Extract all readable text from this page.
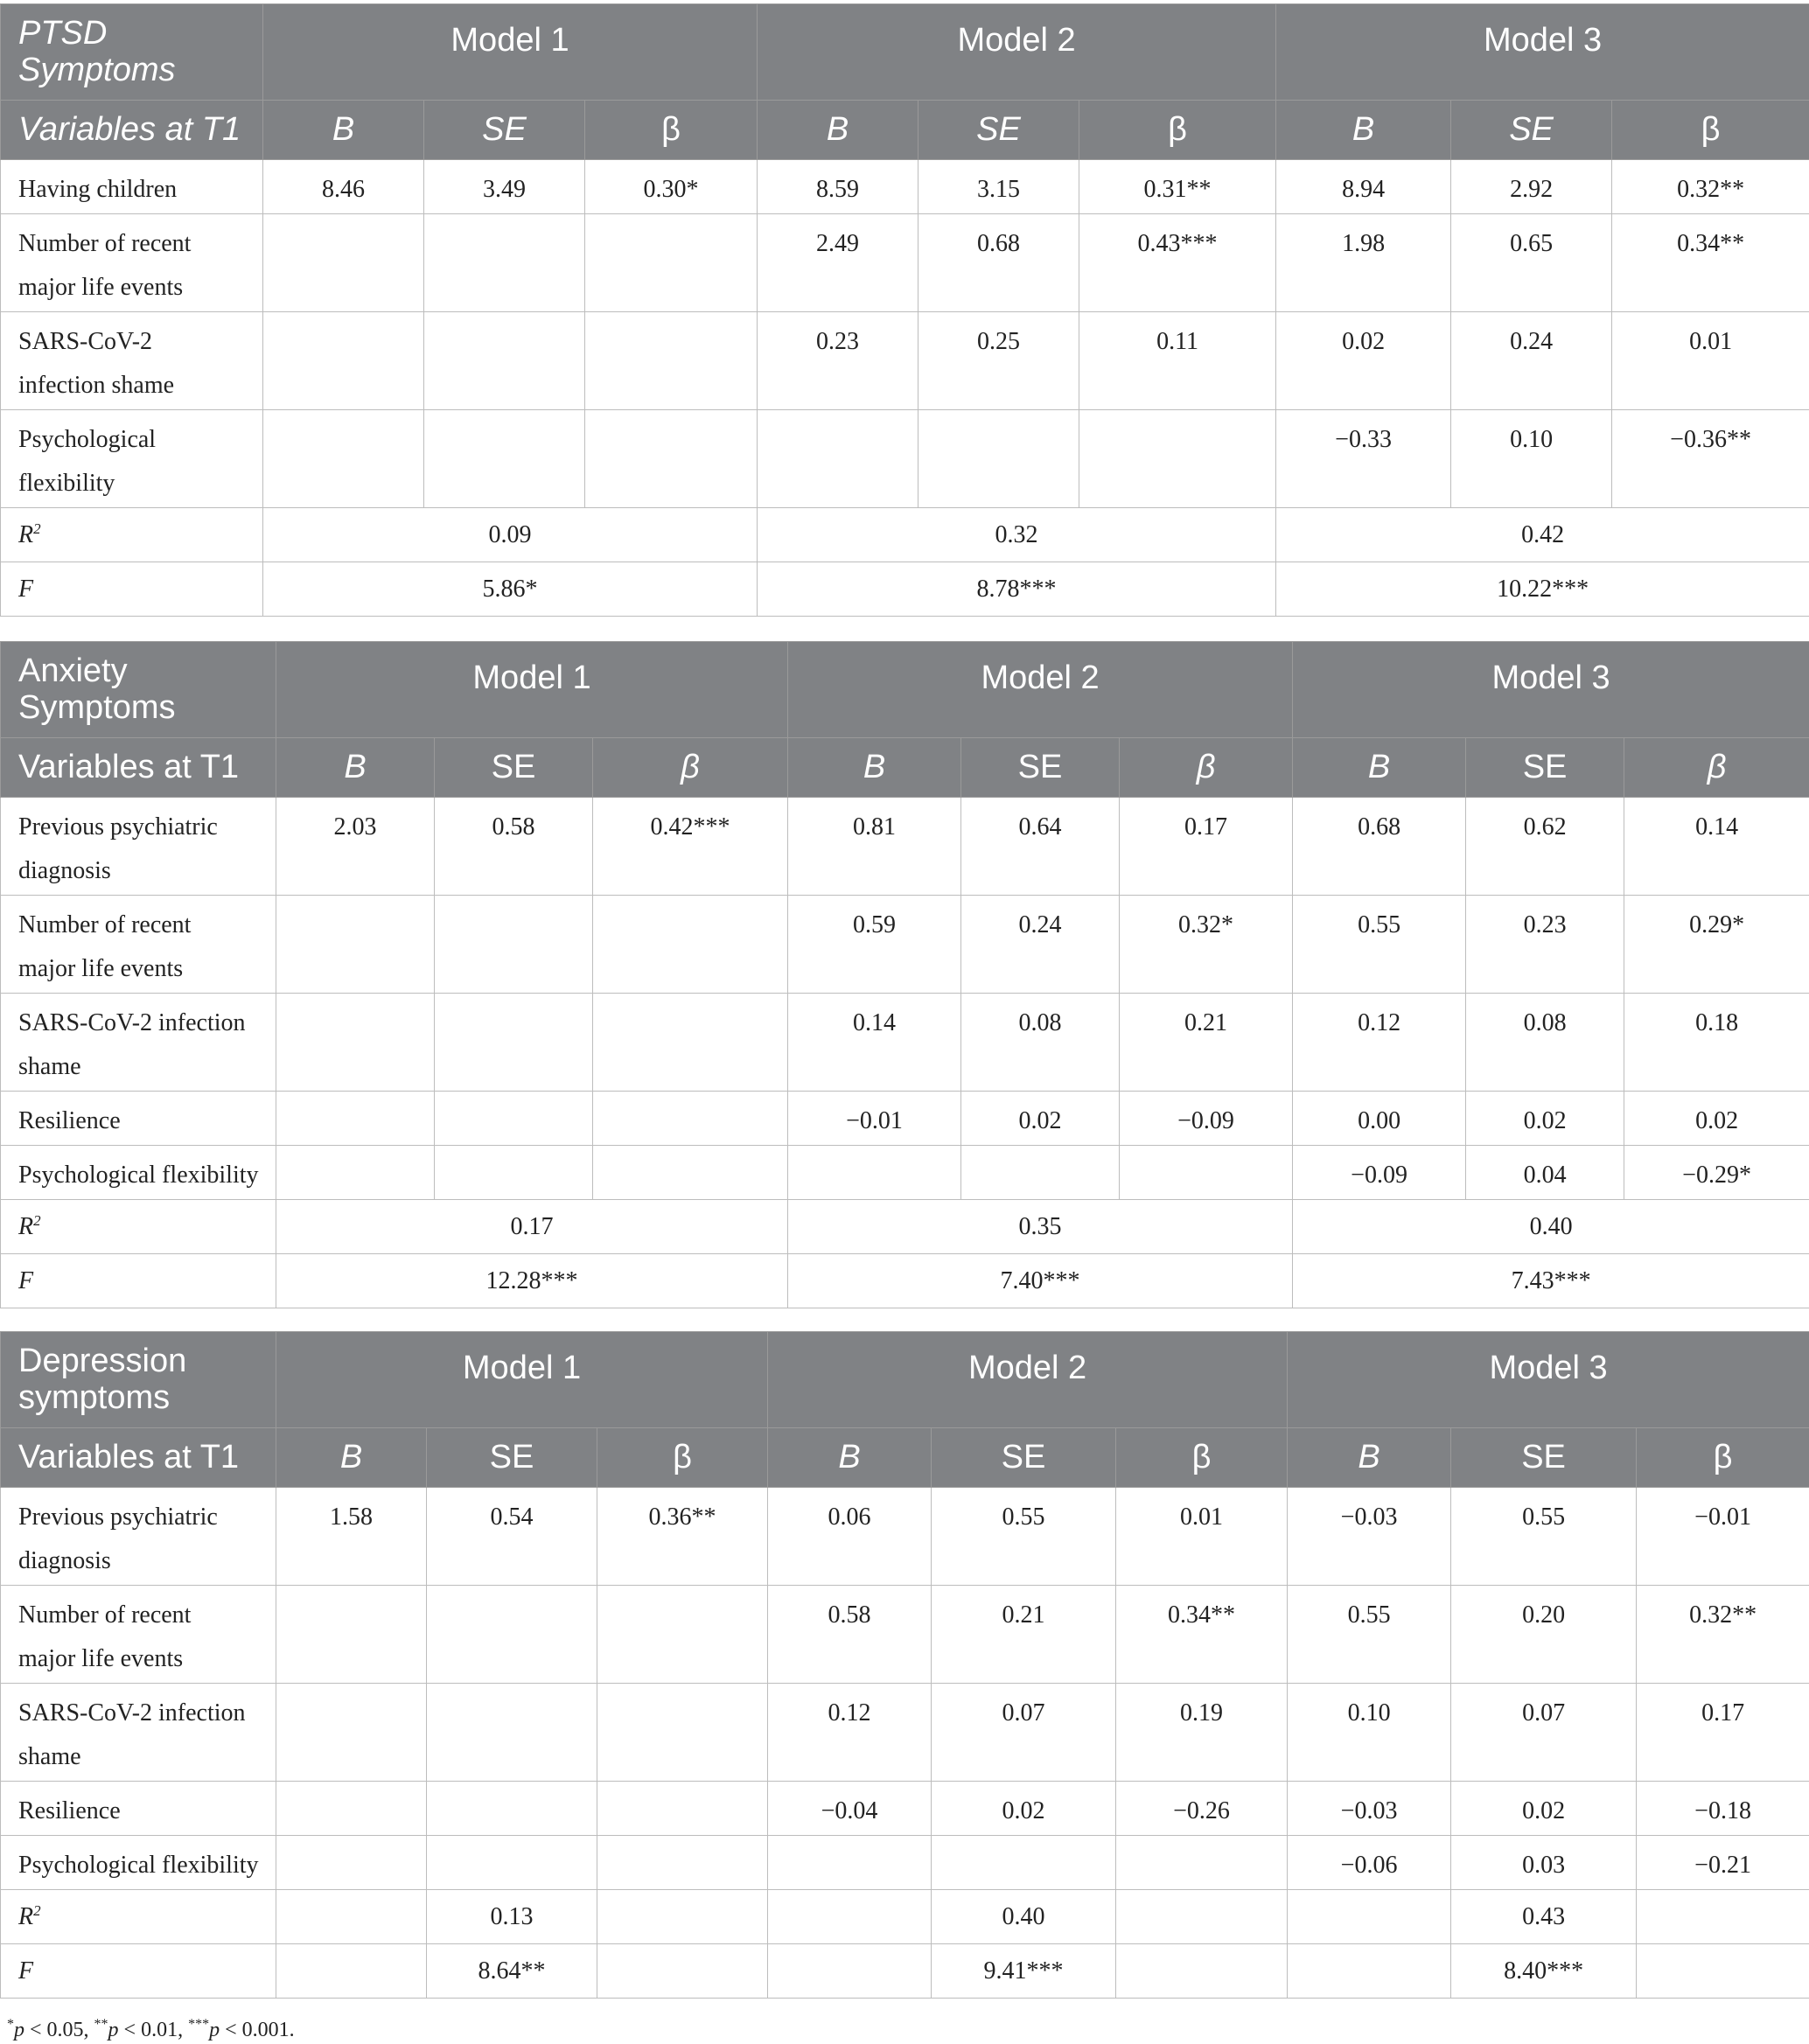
PTSD Symptoms	Model 1			Model 2			Model 3		
Variables at T1	B	SE	β	B	SE	β	B	SE	β
Having children	8.46	3.49	0.30*	8.59	3.15	0.31**	8.94	2.92	0.32**
Number of recent
major life events				2.49	0.68	0.43***	1.98	0.65	0.34**
SARS-CoV-2
infection shame				0.23	0.25	0.11	0.02	0.24	0.01
Psychological
flexibility							−0.33	0.10	−0.36**
$R^2$	0.09			0.32			0.42		
F	5.86*			8.78***			10.22***		
Anxiety Symptoms	Model 1			Model 2			Model 3		
Variables at T1	B	SE	β	B	SE	β	B	SE	β
Previous psychiatric
diagnosis	2.03	0.58	0.42***	0.81	0.64	0.17	0.68	0.62	0.14
Number of recent
major life events				0.59	0.24	0.32*	0.55	0.23	0.29*
SARS-CoV-2 infection
shame				0.14	0.08	0.21	0.12	0.08	0.18
Resilience				−0.01	0.02	−0.09	0.00	0.02	0.02
Psychological flexibility							−0.09	0.04	−0.29*
$R^2$	0.17			0.35			0.40		
F	12.28***			7.40***			7.43***		
Depression symptoms	Model 1			Model 2			Model 3		
Variables at T1	B	SE	β	B	SE	β	B	SE	β
Previous psychiatric
diagnosis	1.58	0.54	0.36**	0.06	0.55	0.01	−0.03	0.55	−0.01
Number of recent
major life events				0.58	0.21	0.34**	0.55	0.20	0.32**
SARS-CoV-2 infection
shame				0.12	0.07	0.19	0.10	0.07	0.17
Resilience				−0.04	0.02	−0.26	−0.03	0.02	−0.18
Psychological flexibility							−0.06	0.03	−0.21
$R^2$		0.13			0.40			0.43	
F		8.64**			9.41***			8.40***	
*p < 0.05, **p < 0.01, ***p < 0.001.
